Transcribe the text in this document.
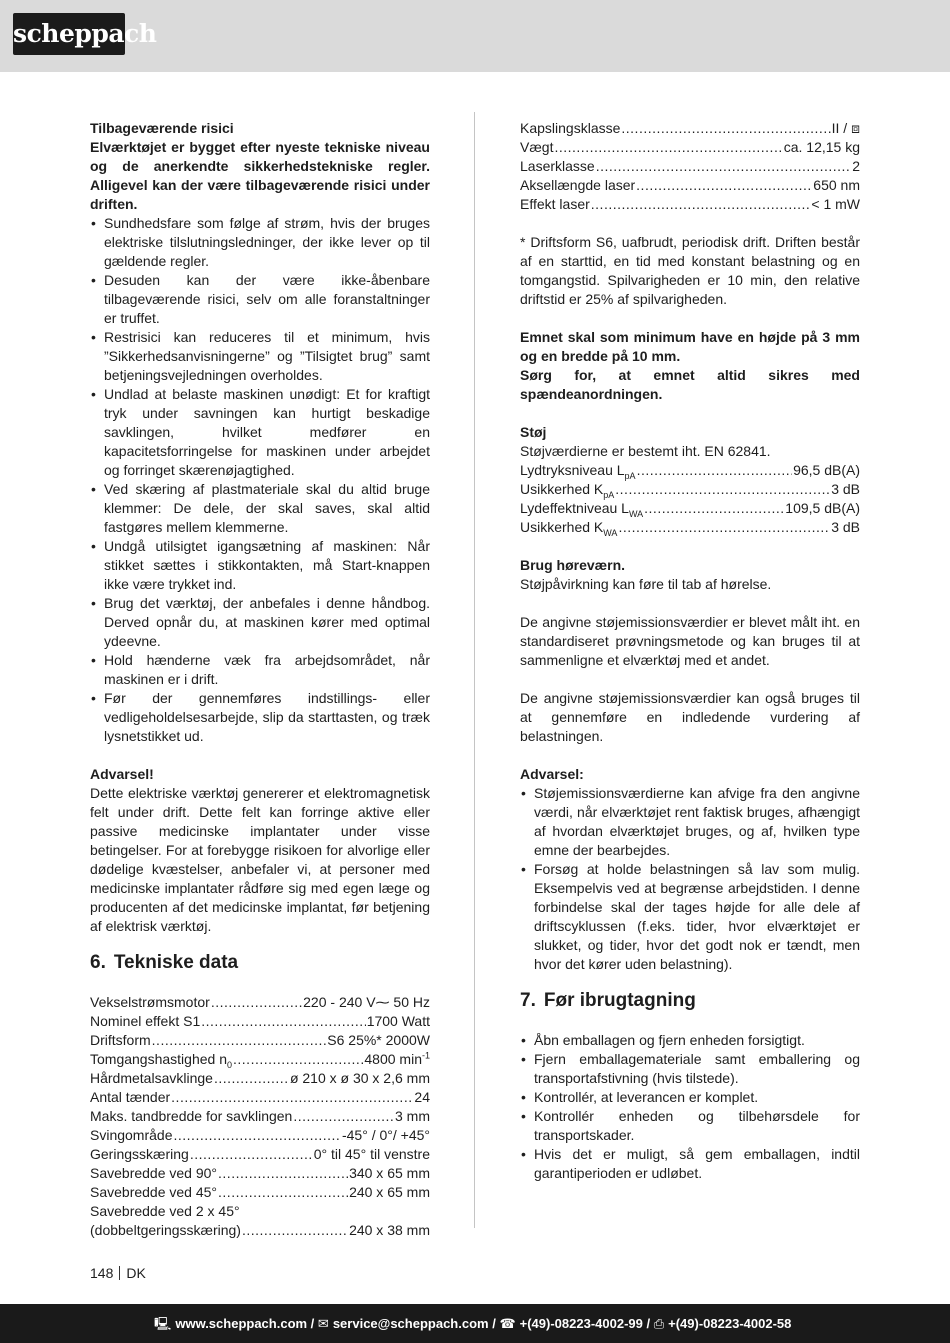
scheppach

Tilbageværende risici

Elværktøjet er bygget efter nyeste tekniske niveau og de anerkendte sikkerhedstekniske regler. Alligevel kan der være tilbageværende risici under driften.

• Sundhedsfare som følge af strøm, hvis der bruges elektriske tilslutningsledninger, der ikke lever op til gældende regler.
• Desuden kan der være ikke-åbenbare tilbageværende risici, selv om alle foranstaltninger er truffet.
• Restrisici kan reduceres til et minimum, hvis ”Sikkerhedsanvisningerne” og ”Tilsigtet brug” samt betjeningsvejledningen overholdes.
• Undlad at belaste maskinen unødigt: Et for kraftigt tryk under savningen kan hurtigt beskadige savklingen, hvilket medfører en kapacitetsforringelse for maskinen under arbejdet og forringet skærenøjagtighed.
• Ved skæring af plastmateriale skal du altid bruge klemmer: De dele, der skal saves, skal altid fastgøres mellem klemmerne.
• Undgå utilsigtet igangsætning af maskinen: Når stikket sættes i stikkontakten, må Start-knappen ikke være trykket ind.
• Brug det værktøj, der anbefales i denne håndbog. Derved opnår du, at maskinen kører med optimal ydeevne.
• Hold hænderne væk fra arbejdsområdet, når maskinen er i drift.
• Før der gennemføres indstillings- eller vedligeholdelsesarbejde, slip da starttasten, og træk lysnetstikket ud.

Advarsel!

Dette elektriske værktøj genererer et elektromagnetisk felt under drift. Dette felt kan forringe aktive eller passive medicinske implantater under visse betingelser. For at forebygge risikoen for alvorlige eller dødelige kvæstelser, anbefaler vi, at personer med medicinske implantater rådføre sig med egen læge og producenten af det medicinske implantat, før betjening af elektrisk værktøj.

6. Tekniske data

Vekselstrømsmotor .....	220 - 240 V⁓ 50 Hz
Nominel effekt S1 .....	1700 Watt
Driftsform .....	S6 25%* 2000W
Tomgangshastighed $n_0$ .....	4800 $\min^{-1}$
Hårdmetalsavklinge .....	ø 210 x ø 30 x 2,6 mm
Antal tænder .....	24
Maks. tandbredde for savklingen .....	3 mm
Svingområde .....	-45° / 0°/ +45°
Geringsskæring .....	0° til 45° til venstre
Savebredde ved 90° .....	340 x 65 mm
Savebredde ved 45° .....	240 x 65 mm
Savebredde ved 2 x 45°
(dobbeltgeringsskæring) .....	240 x 38 mm
Kapslingsklasse .....	II / ⧈
Vægt .....	ca. 12,15 kg
Laserklasse .....	2
Aksellængde laser .....	650 nm
Effekt laser .....	< 1 mW

* Driftsform S6, uafbrudt, periodisk drift. Driften består af en starttid, en tid med konstant belastning og en tomgangstid. Spilvarigheden er 10 min, den relative driftstid er 25% af spilvarigheden.

Emnet skal som minimum have en højde på 3 mm og en bredde på 10 mm.

Sørg for, at emnet altid sikres med spændeanordningen.

Støj

Støjværdierne er bestemt iht. EN 62841.

Lydtryksniveau $L_{pA}$ .....	96,5 dB(A)
Usikkerhed $K_{pA}$ .....	3 dB
Lydeffektniveau $L_{WA}$ .....	109,5 dB(A)
Usikkerhed $K_{WA}$ .....	3 dB

Brug høreværn.

Støjpåvirkning kan føre til tab af hørelse.

De angivne støjemissionsværdier er blevet målt iht. en standardiseret prøvningsmetode og kan bruges til at sammenligne et elværktøj med et andet.

De angivne støjemissionsværdier kan også bruges til at gennemføre en indledende vurdering af belastningen.

Advarsel:

• Støjemissionsværdierne kan afvige fra den angivne værdi, når elværktøjet rent faktisk bruges, afhængigt af hvordan elværktøjet bruges, og af, hvilken type emne der bearbejdes.
• Forsøg at holde belastningen så lav som mulig. Eksempelvis ved at begrænse arbejdstiden. I denne forbindelse skal der tages højde for alle dele af driftscyklussen (f.eks. tider, hvor elværktøjet er slukket, og tider, hvor det godt nok er tændt, men hvor det kører uden belastning).

7. Før ibrugtagning

• Åbn emballagen og fjern enheden forsigtigt.
• Fjern emballagemateriale samt emballering og transportafstivning (hvis tilstede).
• Kontrollér, at leverancen er komplet.
• Kontrollér enheden og tilbehørsdele for transportskader.
• Hvis det er muligt, så gem emballagen, indtil garantiperioden er udløbet.
148 DK
🖳 www.scheppach.com / ✉ service@scheppach.com / ☎ +(49)-08223-4002-99 / ⎙ +(49)-08223-4002-58
